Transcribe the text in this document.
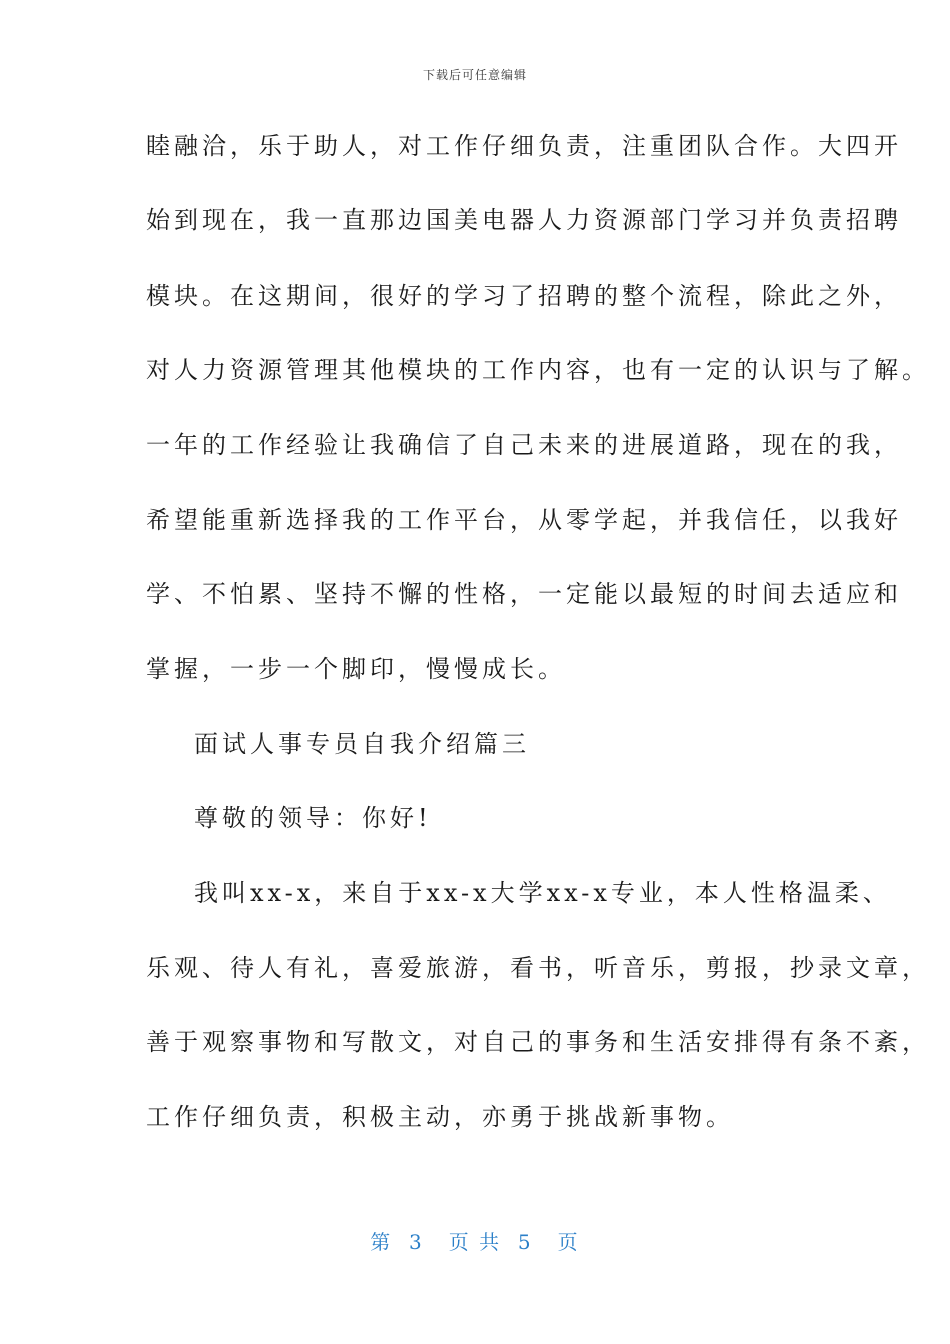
下载后可任意编辑
睦融洽，乐于助人，对工作仔细负责，注重团队合作。大四开
始到现在，我一直那边国美电器人力资源部门学习并负责招聘
模块。在这期间，很好的学习了招聘的整个流程，除此之外，
对人力资源管理其他模块的工作内容，也有一定的认识与了解。
一年的工作经验让我确信了自己未来的进展道路，现在的我，
希望能重新选择我的工作平台，从零学起，并我信任，以我好
学、不怕累、坚持不懈的性格，一定能以最短的时间去适应和
掌握，一步一个脚印，慢慢成长。
面试人事专员自我介绍篇三
尊敬的领导：你好!
我叫xx-x，来自于xx-x大学xx-x专业，本人性格温柔、
乐观、待人有礼，喜爱旅游，看书，听音乐，剪报，抄录文章，
善于观察事物和写散文，对自己的事务和生活安排得有条不紊，
工作仔细负责，积极主动，亦勇于挑战新事物。
第  3   页 共  5   页
